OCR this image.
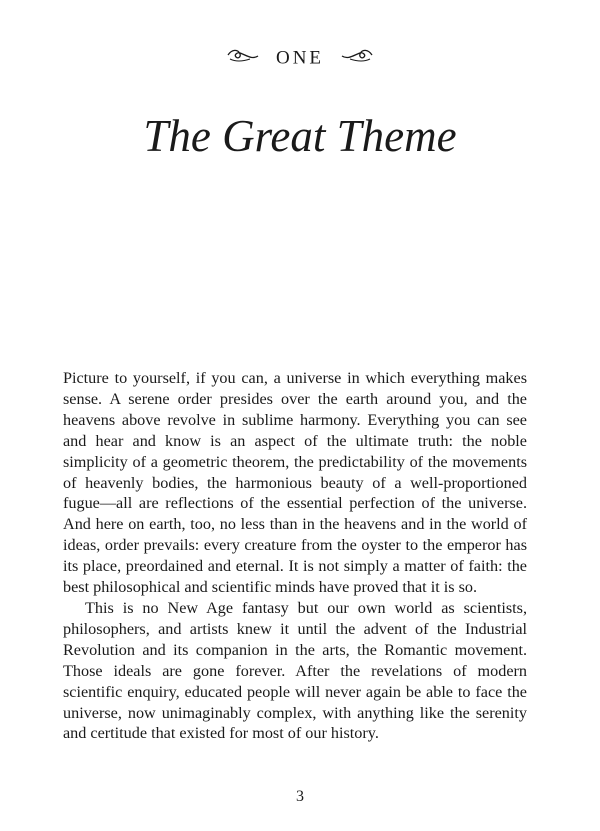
ONE
The Great Theme

Picture to yourself, if you can, a universe in which everything makes sense. A serene order presides over the earth around you, and the heavens above revolve in sublime harmony. Everything you can see and hear and know is an aspect of the ultimate truth: the noble simplicity of a geometric theorem, the predictability of the movements of heavenly bodies, the harmonious beauty of a well-proportioned fugue—all are reflections of the essential perfection of the universe. And here on earth, too, no less than in the heavens and in the world of ideas, order prevails: every creature from the oyster to the emperor has its place, preordained and eternal. It is not simply a matter of faith: the best philosophical and scientific minds have proved that it is so.

This is no New Age fantasy but our own world as scientists, philosophers, and artists knew it until the advent of the Industrial Revolution and its companion in the arts, the Romantic movement. Those ideals are gone forever. After the revelations of modern scientific enquiry, educated people will never again be able to face the universe, now unimaginably complex, with anything like the serenity and certitude that existed for most of our history.

3
